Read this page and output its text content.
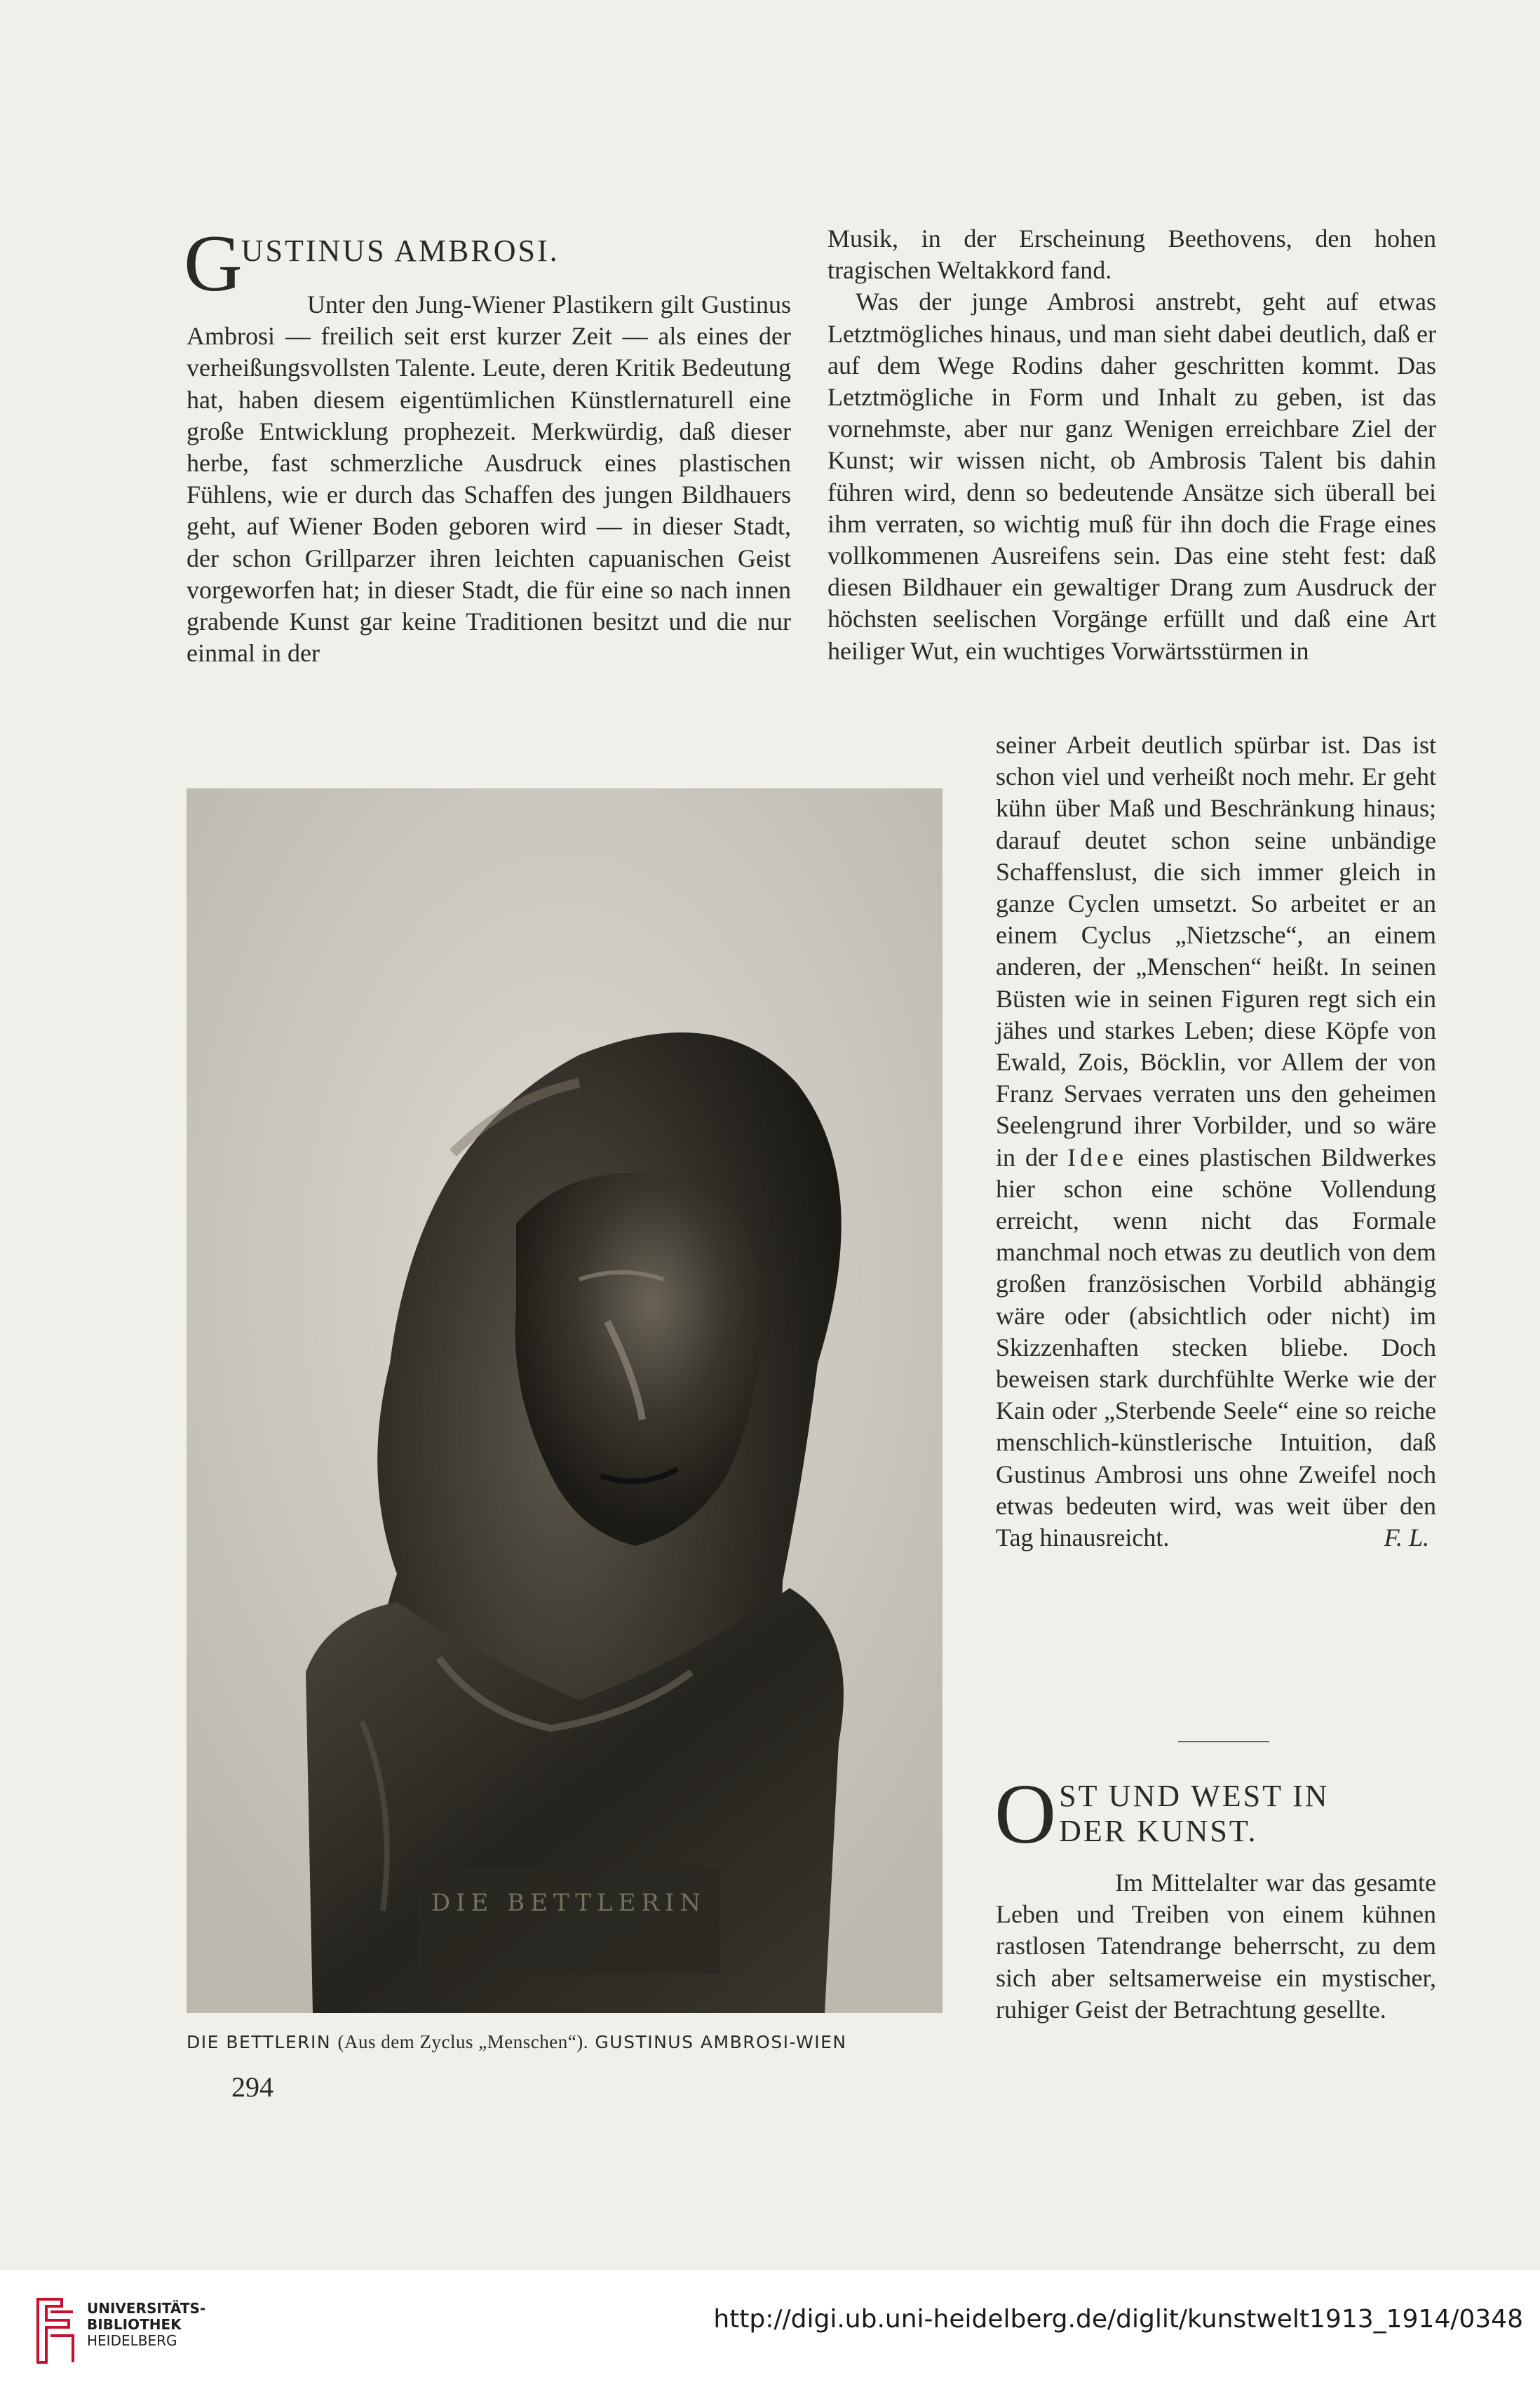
G
USTINUS AMBROSI.

Unter den Jung-Wiener Plastikern gilt Gustinus Ambrosi — freilich seit erst kurzer Zeit — als eines der verheißungsvollsten Talente. Leute, deren Kritik Bedeutung hat, haben diesem eigentümlichen Künstlernaturell eine große Entwicklung prophezeit. Merkwürdig, daß dieser herbe, fast schmerzliche Ausdruck eines plastischen Fühlens, wie er durch das Schaffen des jungen Bildhauers geht, auf Wiener Boden geboren wird — in dieser Stadt, der schon Grillparzer ihren leichten capuanischen Geist vorgeworfen hat; in dieser Stadt, die für eine so nach innen grabende Kunst gar keine Traditionen besitzt und die nur einmal in der

Musik, in der Erscheinung Beethovens, den hohen tragischen Weltakkord fand.

Was der junge Ambrosi anstrebt, geht auf etwas Letztmögliches hinaus, und man sieht dabei deutlich, daß er auf dem Wege Rodins daher geschritten kommt. Das Letztmögliche in Form und Inhalt zu geben, ist das vornehmste, aber nur ganz Wenigen erreichbare Ziel der Kunst; wir wissen nicht, ob Ambrosis Talent bis dahin führen wird, denn so bedeutende Ansätze sich überall bei ihm verraten, so wichtig muß für ihn doch die Frage eines vollkommenen Ausreifens sein. Das eine steht fest: daß diesen Bildhauer ein gewaltiger Drang zum Ausdruck der höchsten seelischen Vorgänge erfüllt und daß eine Art heiliger Wut, ein wuchtiges Vorwärtsstürmen in

seiner Arbeit deutlich spürbar ist. Das ist schon viel und verheißt noch mehr. Er geht kühn über Maß und Beschränkung hinaus; darauf deutet schon seine unbändige Schaffenslust, die sich immer gleich in ganze Cyclen umsetzt. So arbeitet er an einem Cyclus „Nietzsche“, an einem anderen, der „Menschen“ heißt. In seinen Büsten wie in seinen Figuren regt sich ein jähes und starkes Leben; diese Köpfe von Ewald, Zois, Böcklin, vor Allem der von Franz Servaes verraten uns den geheimen Seelengrund ihrer Vorbilder, und so wäre in der Idee eines plastischen Bildwerkes hier schon eine schöne Vollendung erreicht, wenn nicht das Formale manchmal noch etwas zu deutlich von dem großen französischen Vorbild abhängig wäre oder (absichtlich oder nicht) im Skizzenhaften stecken bliebe. Doch beweisen stark durchfühlte Werke wie der Kain oder „Sterbende Seele“ eine so reiche menschlich-künstlerische Intuition, daß Gustinus Ambrosi uns ohne Zweifel noch etwas bedeuten wird, was weit über den Tag hinausreicht.	F. L.

O ST UND WEST IN
DER KUNST.

Im Mittelalter war das gesamte Leben und Treiben von einem kühnen rastlosen Tatendrange beherrscht, zu dem sich aber seltsamerweise ein mystischer, ruhiger Geist der Betrachtung gesellte.

DIE BETTLERIN
DIE BETTLERIN (Aus dem Zyclus „Menschen“). GUSTINUS AMBROSI-WIEN
294
UNIVERSITÄTS-
BIBLIOTHEK
HEIDELBERG
http://digi.ub.uni-heidelberg.de/diglit/kunstwelt1913_1914/0348
